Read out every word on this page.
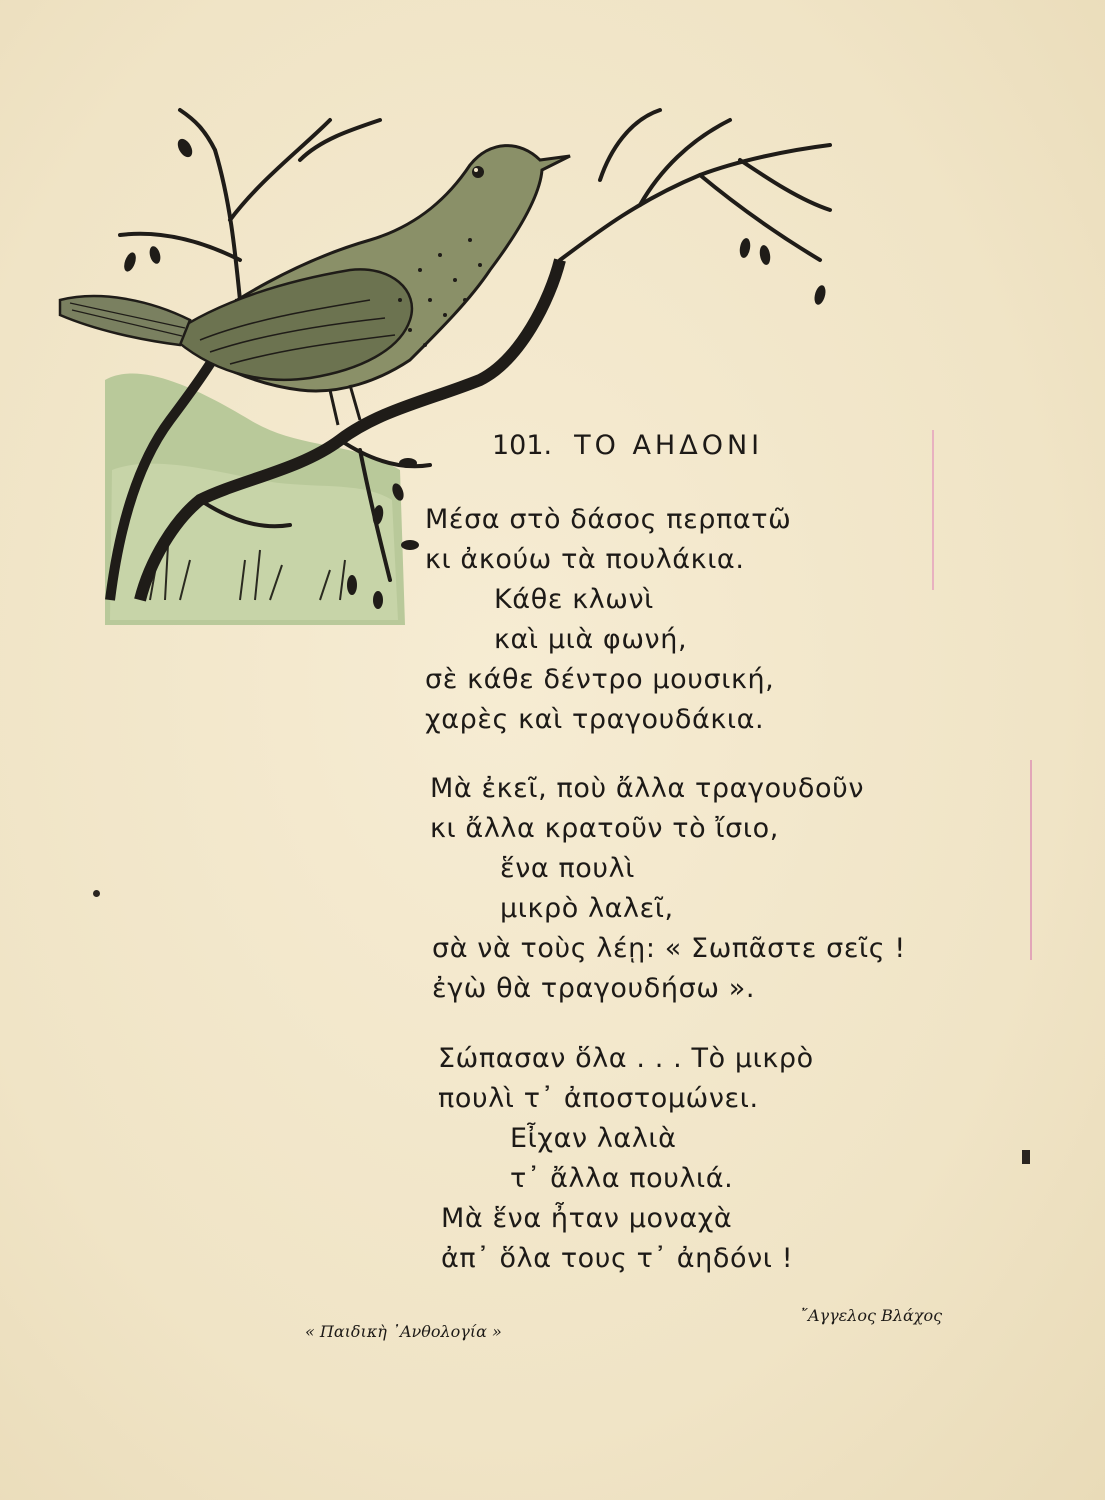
101. ΤΟ ΑΗΔΟΝΙ
Μέσα στὸ δάσος περπατῶ
κι ἀκούω τὰ πουλάκια.
Κάθε κλωνὶ
καὶ μιὰ φωνή,
σὲ κάθε δέντρο μουσική,
χαρὲς καὶ τραγουδάκια.
Μὰ ἐκεῖ, ποὺ ἄλλα τραγουδοῦν
κι ἄλλα κρατοῦν τὸ ἴσιο,
ἕνα πουλὶ
μικρὸ λαλεῖ,
σὰ νὰ τοὺς λέῃ: « Σωπᾶστε σεῖς !
ἐγὼ θὰ τραγουδήσω ».
Σώπασαν ὅλα . . . Τὸ μικρὸ
πουλὶ τ᾽ ἀποστομώνει.
Εἶχαν λαλιὰ
τ᾽ ἄλλα πουλιά.
Μὰ ἕνα ἦταν μοναχὰ
ἀπ᾽ ὅλα τους τ᾽ ἀηδόνι !
« Παιδικὴ ᾿Ανθολογία »
῎Αγγελος Βλάχος
